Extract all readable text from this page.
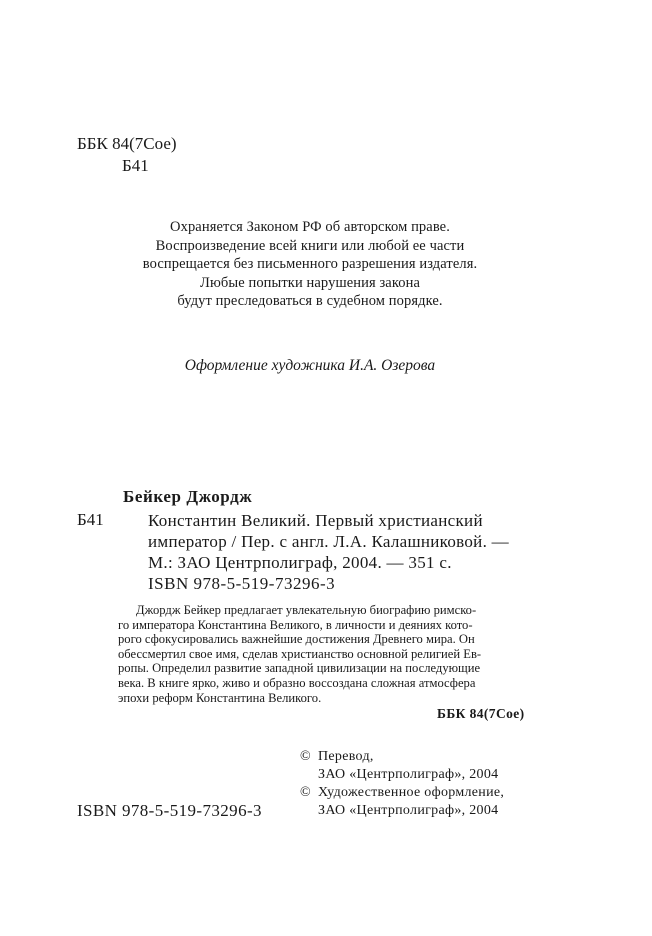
ББК 84(7Сое)
Б41
Охраняется Законом РФ об авторском праве.
Воспроизведение всей книги или любой ее части
воспрещается без письменного разрешения издателя.
Любые попытки нарушения закона
будут преследоваться в судебном порядке.
Оформление художника И.А. Озерова
Бейкер Джордж
Б41	Константин Великий. Первый христианский
император / Пер. с англ. Л.А. Калашниковой. —
М.: ЗАО Центрполиграф, 2004. — 351 с.
ISBN 978-5-519-73296-3
Джордж Бейкер предлагает увлекательную биографию римско-
го императора Константина Великого, в личности и деяниях кото-
рого сфокусировались важнейшие достижения Древнего мира. Он
обессмертил свое имя, сделав христианство основной религией Ев-
ропы. Определил развитие западной цивилизации на последующие
века. В книге ярко, живо и образно воссоздана сложная атмосфера
эпохи реформ Константина Великого.
ББК 84(7Сое)
© Перевод,
ЗАО «Центрполиграф», 2004
© Художественное оформление,
ЗАО «Центрполиграф», 2004
ISBN 978-5-519-73296-3
